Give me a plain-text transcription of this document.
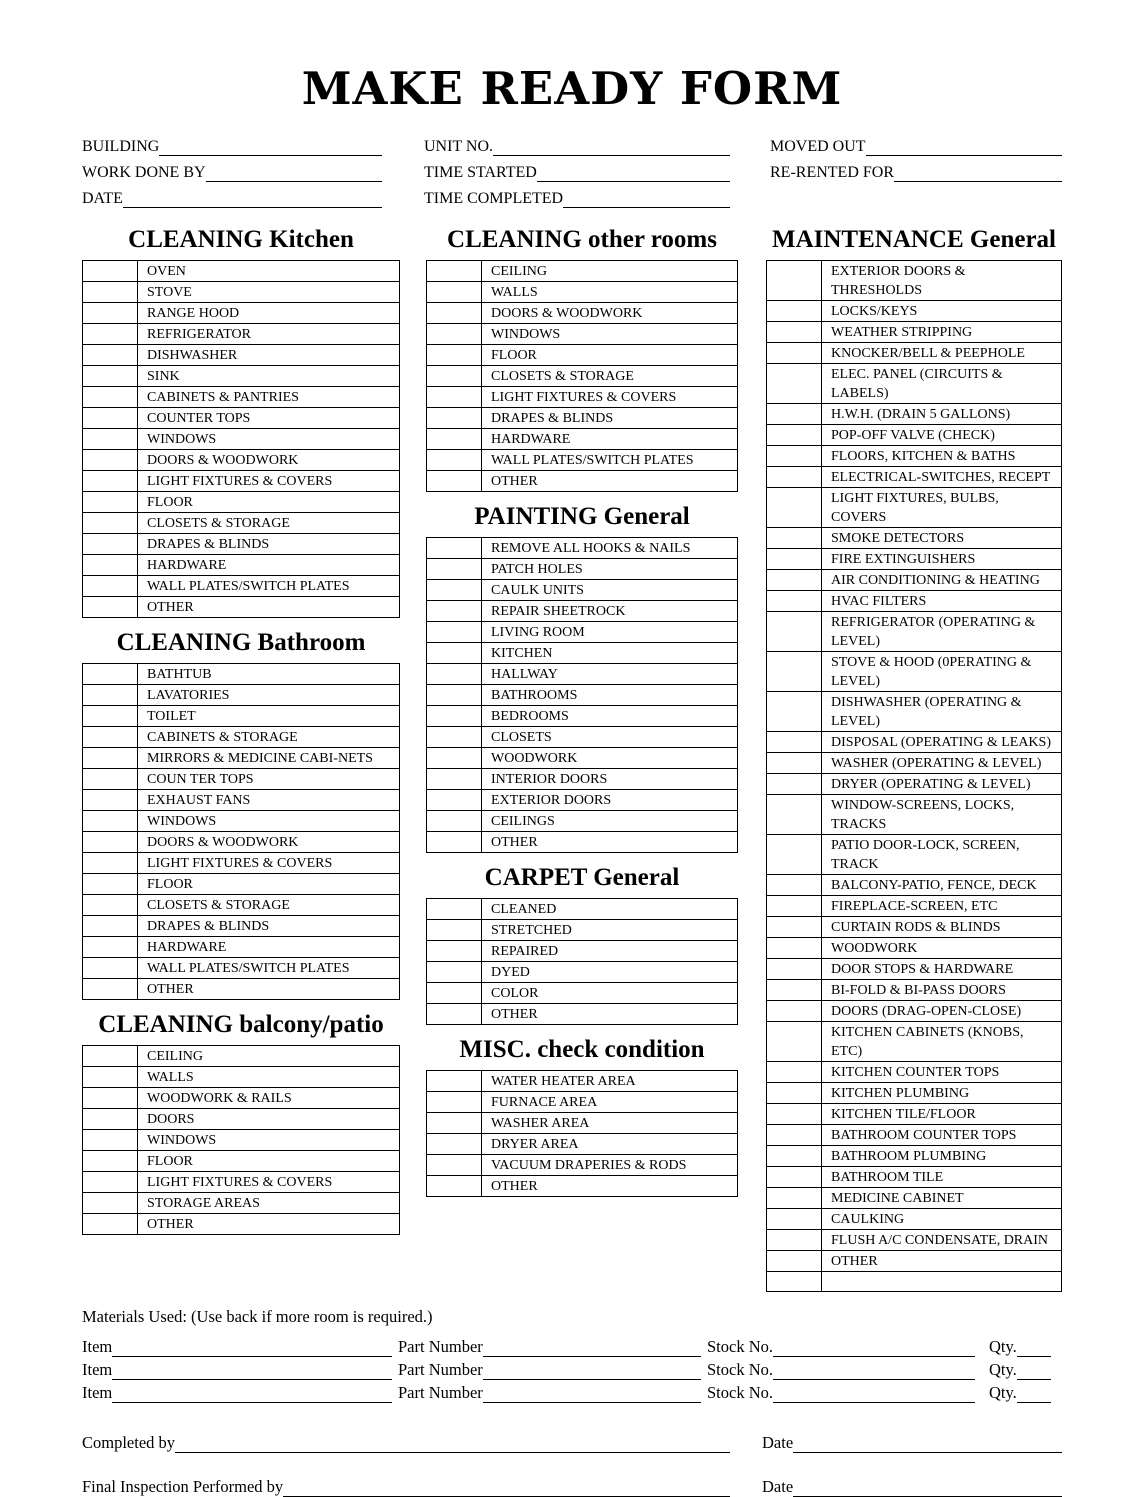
MAKE READY FORM
BUILDING
WORK DONE BY
DATE
UNIT NO.
TIME STARTED
TIME COMPLETED
MOVED OUT
RE-RENTED FOR
CLEANING Kitchen
OVEN
STOVE
RANGE HOOD
REFRIGERATOR
DISHWASHER
SINK
CABINETS & PANTRIES
COUNTER TOPS
WINDOWS
DOORS & WOODWORK
LIGHT FIXTURES & COVERS
FLOOR
CLOSETS & STORAGE
DRAPES & BLINDS
HARDWARE
WALL PLATES/SWITCH PLATES
OTHER
CLEANING Bathroom
BATHTUB
LAVATORIES
TOILET
CABINETS & STORAGE
MIRRORS & MEDICINE CABI-NETS
COUN TER TOPS
EXHAUST FANS
WINDOWS
DOORS & WOODWORK
LIGHT FIXTURES & COVERS
FLOOR
CLOSETS & STORAGE
DRAPES & BLINDS
HARDWARE
WALL PLATES/SWITCH PLATES
OTHER
CLEANING balcony/patio
CEILING
WALLS
WOODWORK & RAILS
DOORS
WINDOWS
FLOOR
LIGHT FIXTURES & COVERS
STORAGE AREAS
OTHER
CLEANING other rooms
CEILING
WALLS
DOORS & WOODWORK
WINDOWS
FLOOR
CLOSETS & STORAGE
LIGHT FIXTURES & COVERS
DRAPES & BLINDS
HARDWARE
WALL PLATES/SWITCH PLATES
OTHER
PAINTING General
REMOVE ALL HOOKS & NAILS
PATCH HOLES
CAULK UNITS
REPAIR SHEETROCK
LIVING ROOM
KITCHEN
HALLWAY
BATHROOMS
BEDROOMS
CLOSETS
WOODWORK
INTERIOR DOORS
EXTERIOR DOORS
CEILINGS
OTHER
CARPET General
CLEANED
STRETCHED
REPAIRED
DYED
COLOR
OTHER
MISC. check condition
WATER HEATER AREA
FURNACE AREA
WASHER AREA
DRYER AREA
VACUUM DRAPERIES & RODS
OTHER
MAINTENANCE General
EXTERIOR DOORS & THRESHOLDS
LOCKS/KEYS
WEATHER STRIPPING
KNOCKER/BELL & PEEPHOLE
ELEC. PANEL (CIRCUITS & LABELS)
H.W.H. (DRAIN 5 GALLONS)
POP-OFF VALVE (CHECK)
FLOORS, KITCHEN & BATHS
ELECTRICAL-SWITCHES, RECEPT
LIGHT FIXTURES, BULBS, COVERS
SMOKE DETECTORS
FIRE EXTINGUISHERS
AIR CONDITIONING & HEATING
HVAC FILTERS
REFRIGERATOR (OPERATING & LEVEL)
STOVE & HOOD (0PERATING & LEVEL)
DISHWASHER (OPERATING & LEVEL)
DISPOSAL (OPERATING & LEAKS)
WASHER (OPERATING & LEVEL)
DRYER (OPERATING & LEVEL)
WINDOW-SCREENS, LOCKS, TRACKS
PATIO DOOR-LOCK, SCREEN, TRACK
BALCONY-PATIO, FENCE, DECK
FIREPLACE-SCREEN, ETC
CURTAIN RODS & BLINDS
WOODWORK
DOOR STOPS & HARDWARE
BI-FOLD & BI-PASS DOORS
DOORS (DRAG-OPEN-CLOSE)
KITCHEN CABINETS (KNOBS, ETC)
KITCHEN COUNTER TOPS
KITCHEN PLUMBING
KITCHEN TILE/FLOOR
BATHROOM COUNTER TOPS
BATHROOM PLUMBING
BATHROOM TILE
MEDICINE CABINET
CAULKING
FLUSH A/C CONDENSATE, DRAIN
OTHER
Materials Used: (Use back if more room is required.)
Item	Part Number	Stock No.	Qty.
Item	Part Number	Stock No.	Qty.
Item	Part Number	Stock No.	Qty.
Completed by	Date
Final Inspection Performed by	Date
